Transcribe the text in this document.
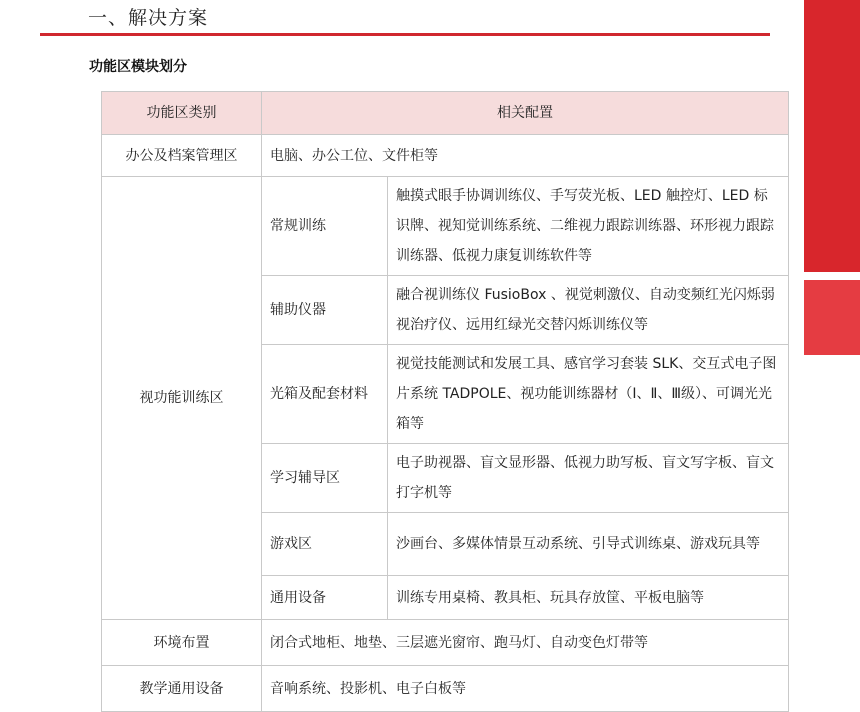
一、解决方案
功能区模块划分
功能区类别	相关配置	
办公及档案管理区	电脑、办公工位、文件柜等	
视功能训练区	常规训练	触摸式眼手协调训练仪、手写荧光板、LED 触控灯、LED 标识牌、视知觉训练系统、二维视力跟踪训练器、环形视力跟踪训练器、低视力康复训练软件等
	辅助仪器	融合视训练仪 FusioBox 、视觉刺激仪、自动变频红光闪烁弱视治疗仪、远用红绿光交替闪烁训练仪等
	光箱及配套材料	视觉技能测试和发展工具、感官学习套装 SLK、交互式电子图片系统 TADPOLE、视功能训练器材（Ⅰ、Ⅱ、Ⅲ级）、可调光光箱等
	学习辅导区	电子助视器、盲文显形器、低视力助写板、盲文写字板、盲文打字机等
	游戏区	沙画台、多媒体情景互动系统、引导式训练桌、游戏玩具等
	通用设备	训练专用桌椅、教具柜、玩具存放筐、平板电脑等
环境布置	闭合式地柜、地垫、三层遮光窗帘、跑马灯、自动变色灯带等	
教学通用设备	音响系统、投影机、电子白板等	
